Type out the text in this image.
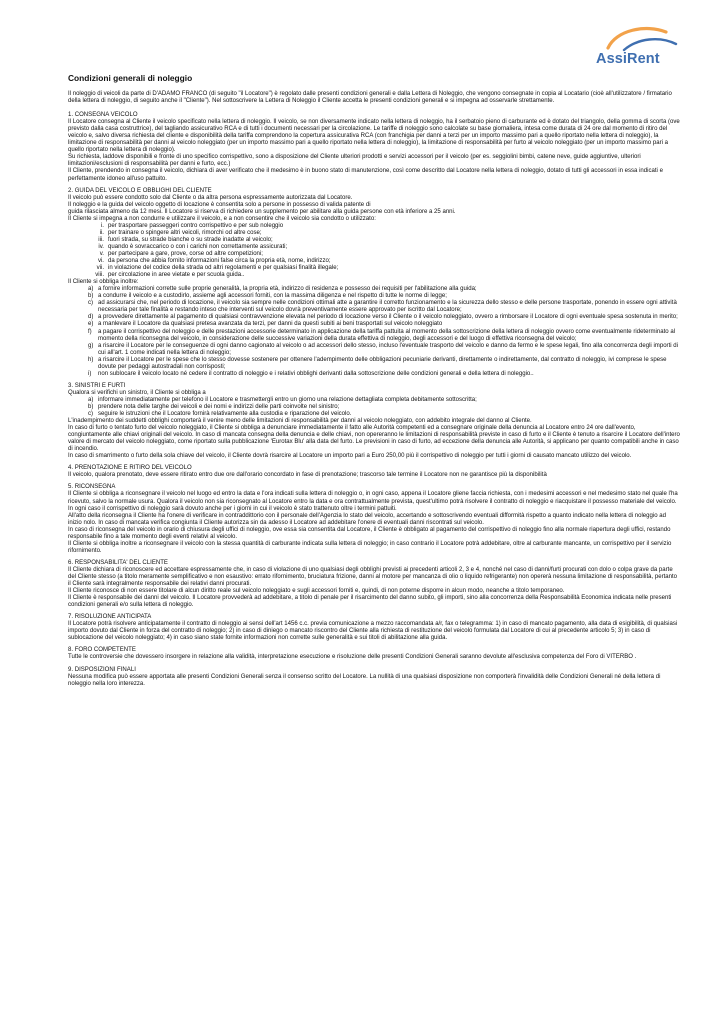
AssiRent
Condizioni generali di noleggio

Il noleggio di veicoli da parte di D'ADAMO FRANCO (di seguito "il Locatore") è regolato dalle presenti condizioni generali e dalla Lettera di Noleggio, che vengono consegnate in copia al Locatario (cioè all'utilizzatore / firmatario della lettera di noleggio, di seguito anche il "Cliente"). Nel sottoscrivere la Lettera di Noleggio il Cliente accetta le presenti condizioni generali e si impegna ad osservarle strettamente.

1. CONSEGNA VEICOLO

Il Locatore consegna al Cliente il veicolo specificato nella lettera di noleggio. Il veicolo, se non diversamente indicato nella lettera di noleggio, ha il serbatoio pieno di carburante ed è dotato del triangolo, della gomma di scorta (ove previsto dalla casa costruttrice), del tagliando assicurativo RCA e di tutti i documenti necessari per la circolazione. Le tariffe di noleggio sono calcolate su base giornaliera, intesa come durata di 24 ore dal momento di ritiro del veicolo e, salvo diversa richiesta del cliente e disponibilità della tariffa comprendono la copertura assicurativa RCA (con franchigia per danni a terzi per un importo massimo pari a quello riportato nella lettera di noleggio), la limitazione di responsabilità per danni al veicolo noleggiato (per un importo massimo pari a quello riportato nella lettera di noleggio), la limitazione di responsabilità per furto al veicolo noleggiato (per un importo massimo pari a quello riportato nella lettera di noleggio).

Su richiesta, laddove disponibili e fronte di uno specifico corrispettivo, sono a disposizione del Cliente ulteriori prodotti e servizi accessori per il veicolo (per es. seggiolini bimbi, catene neve, guide aggiuntive, ulteriori limitazioni/esclusioni di responsabilità per danni e furto, ecc.)

Il Cliente, prendendo in consegna il veicolo, dichiara di aver verificato che il medesimo è in buono stato di manutenzione, così come descritto dal Locatore nella lettera di noleggio, dotato di tutti gli accessori in essa indicati e perfettamente idoneo all'uso pattuito.

2. GUIDA DEL VEICOLO E OBBLIGHI DEL CLIENTE

Il veicolo può essere condotto solo dal Cliente o da altra persona espressamente autorizzata dal Locatore.

Il noleggio e la guida del veicolo oggetto di locazione è consentita solo a persone in possesso di valida patente di

guida rilasciata almeno da 12 mesi. Il Locatore si riserva di richiedere un supplemento per abilitare alla guida persone con età inferiore a 25 anni.

Il Cliente si impegna a non condurre e utilizzare il veicolo, e a non consentire che il veicolo sia condotto o utilizzato:

i. per trasportare passeggeri contro corrispettivo e per sub noleggio
ii. per trainare o spingere altri veicoli, rimorchi od altre cose;
iii. fuori strada, su strade bianche o su strade inadatte al veicolo;
iv. quando è sovraccarico o con i carichi non correttamente assicurati;
v. per partecipare a gare, prove, corse od altre competizioni;
vi. da persona che abbia fornito informazioni false circa la propria età, nome, indirizzo;
vii. in violazione del codice della strada od altri regolamenti e per qualsiasi finalità illegale;
viii. per circolazione in aree vietate e per scuola guida..

Il Cliente si obbliga inoltre:

a) a fornire informazioni corrette sulle proprie generalità, la propria età, indirizzo di residenza e possesso dei requisiti per l'abilitazione alla guida;
b) a condurre il veicolo e a custodirlo, assieme agli accessori forniti, con la massima diligenza e nel rispetto di tutte le norme di legge;
c) ad assicurarsi che, nel periodo di locazione, il veicolo sia sempre nelle condizioni ottimali atte a garantire il corretto funzionamento e la sicurezza dello stesso e delle persone trasportate, ponendo in essere ogni attività necessaria per tale finalità e restando inteso che interventi sul veicolo dovrà preventivamente essere approvato per iscritto dal Locatore;
d) a provvedere direttamente al pagamento di qualsiasi contravvenzione elevata nel periodo di locazione verso il Cliente o il veicolo noleggiato, ovvero a rimborsare il Locatore di ogni eventuale spesa sostenuta in merito;
e) a manlevare il Locatore da qualsiasi pretesa avanzata da terzi, per danni da questi subiti ai beni trasportati sul veicolo noleggiato
f)	a pagare il corrispettivo del noleggio e delle prestazioni accessorie determinato in applicazione della tariffa pattuita al momento della sottoscrizione della lettera di noleggio ovvero come eventualmente rideterminato al momento della riconsegna del veicolo, in considerazione delle successive variazioni della durata effettiva di noleggio, degli accessori e del luogo di effettiva riconsegna del veicolo;
g) a risarcire il Locatore per le conseguenze di ogni danno cagionato al veicolo o ad accessori dello stesso, incluso l'eventuale trasporto del veicolo e danno da fermo e le spese legali, fino alla concorrenza degli importi di cui all'art. 1 come indicati nella lettera di noleggio;
h) a risarcire il Locatore per le spese che lo stesso dovesse sostenere per ottenere l'adempimento delle obbligazioni pecuniarie derivanti, direttamente o indirettamente, dal contratto di noleggio, ivi comprese le spese dovute per pedaggi autostradali non corrisposti;
i)	non sublocare il veicolo locato né cedere il contratto di noleggio e i relativi obblighi derivanti dalla sottoscrizione delle condizioni generali e della lettera di noleggio..
3. SINISTRI E FURTI

Qualora si verifichi un sinistro, il Cliente si obbliga a

a) informare immediatamente per telefono il Locatore e trasmettergli entro un giorno una relazione dettagliata completa debitamente sottoscritta;
b) prendere nota delle targhe dei veicoli e dei nomi e indirizzi delle parti coinvolte nel sinistro;
c) seguire le istruzioni che il Locatore fornirà relativamente alla custodia e riparazione del veicolo.

L'inadempimento dei suddetti obblighi comporterà il venire meno delle limitazioni di responsabilità per danni al veicolo noleggiato, con addebito integrale del danno al Cliente.

In caso di furto o tentato furto del veicolo noleggiato, il Cliente si obbliga a denunciare immediatamente il fatto alle Autorità competenti ed a consegnare originale della denuncia al Locatore entro 24 ore dall'evento, congiuntamente alle chiavi originali del veicolo. In caso di mancata consegna della denuncia e delle chiavi, non opereranno le limitazioni di responsabilità previste in caso di furto e il Cliente è tenuto a risarcire il Locatore dell'intero valore di mercato del veicolo noleggiato, come riportato sulla pubblicazione 'Eurotax Blu' alla data del furto. Le previsioni in caso di furto, ad eccezione della denuncia alle Autorità, si applicano per quanto compatibili anche in caso di incendio.

In caso di smarrimento o furto della sola chiave del veicolo, il Cliente dovrà risarcire al Locatore un importo pari a Euro 250,00 più il corrispettivo di noleggio per tutti i giorni di causato mancato utilizzo del veicolo.

4. PRENOTAZIONE E RITIRO DEL VEICOLO

Il veicolo, qualora prenotato, deve essere ritirato entro due ore dall'orario concordato in fase di prenotazione; trascorso tale termine il Locatore non ne garantisce più la disponibilità

5. RICONSEGNA

Il Cliente si obbliga a riconsegnare il veicolo nel luogo ed entro la data e l'ora indicati sulla lettera di noleggio o, in ogni caso, appena il Locatore gliene faccia richiesta, con i medesimi accessori e nel medesimo stato nel quale l'ha ricevuto, salvo la normale usura. Qualora il veicolo non sia riconsegnato al Locatore entro la data e ora contrattualmente prevista, quest'ultimo potrà risolvere il contratto di noleggio e riacquistare il possesso materiale del veicolo. In ogni caso il corrispettivo di noleggio sarà dovuto anche per i giorni in cui il veicolo è stato trattenuto oltre i termini pattuiti.

All'atto della riconsegna il Cliente ha l'onere di verificare in contraddittorio con il personale dell'Agenzia lo stato del veicolo, accertando e sottoscrivendo eventuali difformità rispetto a quanto indicato nella lettera di noleggio ad inizio nolo. In caso di mancata verifica congiunta il Cliente autorizza sin da adesso il Locatore ad addebitare l'onere di eventuali danni riscontrati sul veicolo.

In caso di riconsegna del veicolo in orario di chiusura degli uffici di noleggio, ove essa sia consentita dal Locatore, il Cliente è obbligato al pagamento del corrispettivo di noleggio fino alla normale riapertura degli uffici, restando responsabile fino a tale momento degli eventi relativi al veicolo.

Il Cliente si obbliga inoltre a riconsegnare il veicolo con la stessa quantità di carburante indicata sulla lettera di noleggio; in caso contrario il Locatore potrà addebitare, oltre al carburante mancante, un corrispettivo per il servizio rifornimento.

6. RESPONSABILITA' DEL CLIENTE

Il Cliente dichiara di riconoscere ed accettare espressamente che, in caso di violazione di uno qualsiasi degli obblighi previsti ai precedenti articoli 2, 3 e 4, nonché nel caso di danni/furti procurati con dolo o colpa grave da parte del Cliente stesso (a titolo meramente semplificativo e non esaustivo: errato rifornimento, bruciatura frizione, danni al motore per mancanza di olio o liquido refrigerante) non opererà nessuna limitazione di responsabilità, pertanto il Cliente sarà integralmente responsabile dei relativi danni procurati.

Il Cliente riconosce di non essere titolare di alcun diritto reale sul veicolo noleggiato e sugli accessori forniti e, quindi, di non poterne disporre in alcun modo, neanche a titolo temporaneo.

Il Cliente è responsabile dei danni del veicolo. Il Locatore provvederà ad addebitare, a titolo di penale per il risarcimento del danno subito, gli importi, sino alla concorrenza della Responsabilità Economica indicata nelle presenti condizioni generali e/o sulla lettera di noleggio.

7. RISOLUZIONE ANTICIPATA

Il Locatore potrà risolvere anticipatamente il contratto di noleggio ai sensi dell'art 1456 c.c. previa comunicazione a mezzo raccomandata a/r, fax o telegramma: 1) in caso di mancato pagamento, alla data di esigibilità, di qualsiasi importo dovuto dal Cliente in forza del contratto di noleggio; 2) in caso di diniego o mancato riscontro del Cliente alla richiesta di restituzione del veicolo formulata dal Locatore di cui al precedente articolo 5; 3) in caso di sublocazione del veicolo noleggiato; 4) in caso siano state fornite informazioni non corrette sulle generalità e sui titoli di abilitazione alla guida.

8. FORO COMPETENTE

Tutte le controversie che dovessero insorgere in relazione alla validità, interpretazione esecuzione e risoluzione delle presenti Condizioni Generali saranno devolute all'esclusiva competenza del Foro di VITERBO .

9. DISPOSIZIONI FINALI

Nessuna modifica può essere apportata alle presenti Condizioni Generali senza il consenso scritto del Locatore. La nullità di una qualsiasi disposizione non comporterà l'invalidità delle Condizioni Generali né della lettera di noleggio nella loro interezza.
